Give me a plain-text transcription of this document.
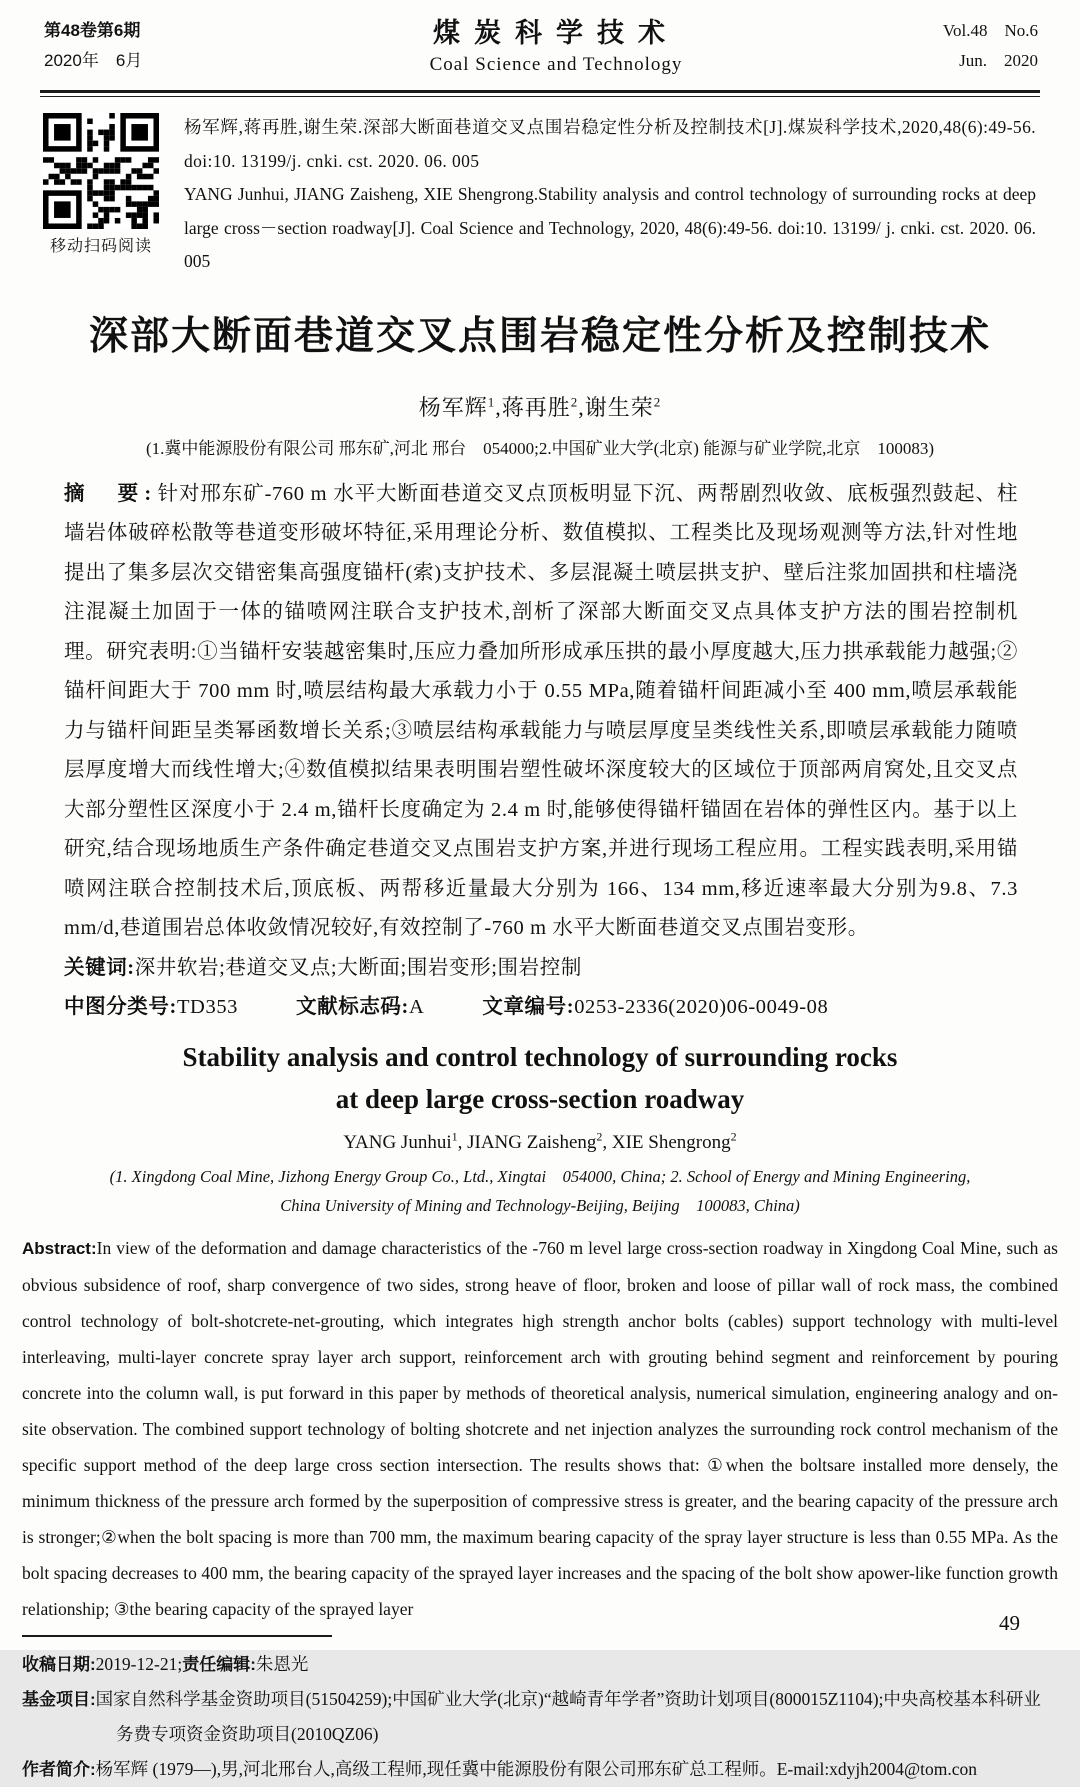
第48卷第6期
2020年　6月
煤炭科学技术
Coal Science and Technology
Vol.48　No.6
Jun.　2020
移动扫码阅读
杨军辉,蒋再胜,谢生荣.深部大断面巷道交叉点围岩稳定性分析及控制技术[J].煤炭科学技术,2020,48(6):49-56. doi:10. 13199/j. cnki. cst. 2020. 06. 005
YANG Junhui, JIANG Zaisheng, XIE Shengrong.Stability analysis and control technology of surrounding rocks at deep large cross－section roadway[J]. Coal Science and Technology, 2020, 48(6):49-56. doi:10. 13199/ j. cnki. cst. 2020. 06. 005
深部大断面巷道交叉点围岩稳定性分析及控制技术
杨军辉$^1$,蒋再胜$^2$,谢生荣$^2$
(1.冀中能源股份有限公司 邢东矿,河北 邢台　054000;2.中国矿业大学(北京) 能源与矿业学院,北京　100083)

摘　要:针对邢东矿-760 m 水平大断面巷道交叉点顶板明显下沉、两帮剧烈收敛、底板强烈鼓起、柱墙岩体破碎松散等巷道变形破坏特征,采用理论分析、数值模拟、工程类比及现场观测等方法,针对性地提出了集多层次交错密集高强度锚杆(索)支护技术、多层混凝土喷层拱支护、壁后注浆加固拱和柱墙浇注混凝土加固于一体的锚喷网注联合支护技术,剖析了深部大断面交叉点具体支护方法的围岩控制机理。研究表明:①当锚杆安装越密集时,压应力叠加所形成承压拱的最小厚度越大,压力拱承载能力越强;②锚杆间距大于 700 mm 时,喷层结构最大承载力小于 0.55 MPa,随着锚杆间距减小至 400 mm,喷层承载能力与锚杆间距呈类幂函数增长关系;③喷层结构承载能力与喷层厚度呈类线性关系,即喷层承载能力随喷层厚度增大而线性增大;④数值模拟结果表明围岩塑性破坏深度较大的区域位于顶部两肩窝处,且交叉点大部分塑性区深度小于 2.4 m,锚杆长度确定为 2.4 m 时,能够使得锚杆锚固在岩体的弹性区内。基于以上研究,结合现场地质生产条件确定巷道交叉点围岩支护方案,并进行现场工程应用。工程实践表明,采用锚喷网注联合控制技术后,顶底板、两帮移近量最大分别为 166、134 mm,移近速率最大分别为9.8、7.3 mm/d,巷道围岩总体收敛情况较好,有效控制了-760 m 水平大断面巷道交叉点围岩变形。

关键词:深井软岩;巷道交叉点;大断面;围岩变形;围岩控制

中图分类号:TD353	文献标志码:A	文章编号:0253-2336(2020)06-0049-08

Stability analysis and control technology of surrounding rocks
at deep large cross-section roadway
YANG Junhui$^1$, JIANG Zaisheng$^2$, XIE Shengrong$^2$
(1. Xingdong Coal Mine, Jizhong Energy Group Co., Ltd., Xingtai　054000, China; 2. School of Energy and Mining Engineering,
China University of Mining and Technology-Beijing, Beijing　100083, China)

Abstract:In view of the deformation and damage characteristics of the -760 m level large cross-section roadway in Xingdong Coal Mine, such as obvious subsidence of roof, sharp convergence of two sides, strong heave of floor, broken and loose of pillar wall of rock mass, the combined control technology of bolt-shotcrete-net-grouting, which integrates high strength anchor bolts (cables) support technology with multi-level interleaving, multi-layer concrete spray layer arch support, reinforcement arch with grouting behind segment and reinforcement by pouring concrete into the column wall, is put forward in this paper by methods of theoretical analysis, numerical simulation, engineering analogy and on-site observation. The combined support technology of bolting shotcrete and net injection analyzes the surrounding rock control mechanism of the specific support method of the deep large cross section intersection. The results shows that: ①when the boltsare installed more densely, the minimum thickness of the pressure arch formed by the superposition of compressive stress is greater, and the bearing capacity of the pressure arch is stronger;②when the bolt spacing is more than 700 mm, the maximum bearing capacity of the spray layer structure is less than 0.55 MPa. As the bolt spacing decreases to 400 mm, the bearing capacity of the sprayed layer increases and the spacing of the bolt show apower-like function growth relationship; ③the bearing capacity of the sprayed layer

收稿日期:2019-12-21;责任编辑:朱恩光

基金项目:国家自然科学基金资助项目(51504259);中国矿业大学(北京)“越崎青年学者”资助计划项目(800015Z1104);中央高校基本科研业务费专项资金资助项目(2010QZ06)

作者简介:杨军辉 (1979—),男,河北邢台人,高级工程师,现任冀中能源股份有限公司邢东矿总工程师。E-mail:xdyjh2004@tom.con

49
